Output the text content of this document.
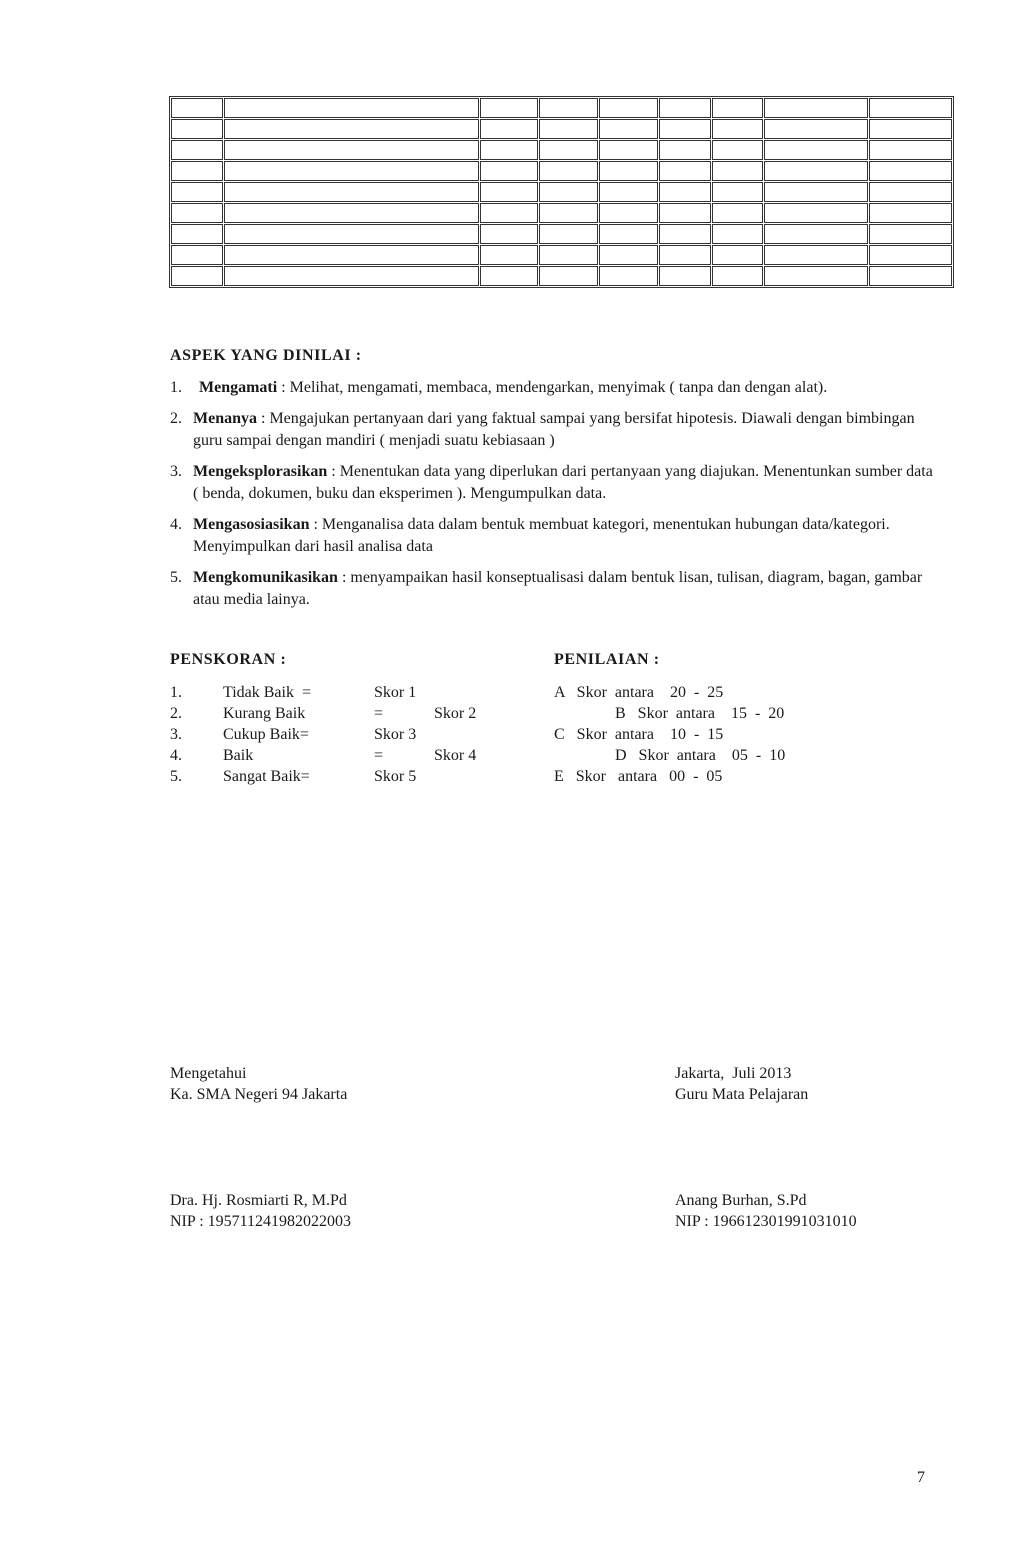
ASPEK YANG DINILAI :
1.	Mengamati : Melihat, mengamati, membaca, mendengarkan, menyimak ( tanpa dan dengan alat).
2. Menanya : Mengajukan pertanyaan dari yang faktual sampai yang bersifat hipotesis. Diawali dengan bimbingan guru sampai dengan mandiri ( menjadi suatu kebiasaan )
3. Mengeksplorasikan : Menentukan data yang diperlukan dari pertanyaan yang diajukan. Menentunkan sumber data ( benda, dokumen, buku dan eksperimen ). Mengumpulkan data.
4. Mengasosiasikan : Menganalisa data dalam bentuk membuat kategori, menentukan hubungan data/kategori. Menyimpulkan dari hasil analisa data
5. Mengkomunikasikan : menyampaikan hasil konseptualisasi dalam bentuk lisan, tulisan, diagram, bagan, gambar atau media lainya.
PENSKORAN :
1.	Tidak Baik  =	Skor 1
2.	Kurang Baik	=	Skor 2
3.	Cukup Baik=	Skor 3
4.	Baik	=	Skor 4
5.	Sangat Baik=	Skor 5
PENILAIAN :
A   Skor  antara    20  -  25
B   Skor  antara    15  -  20
C   Skor  antara    10  -  15
D   Skor  antara    05  -  10
E   Skor   antara   00  -  05
Mengetahui
Ka. SMA Negeri 94 Jakarta
Jakarta,  Juli 2013
Guru Mata Pelajaran
Dra. Hj. Rosmiarti R, M.Pd
NIP : 195711241982022003
Anang Burhan, S.Pd
NIP : 196612301991031010
7
